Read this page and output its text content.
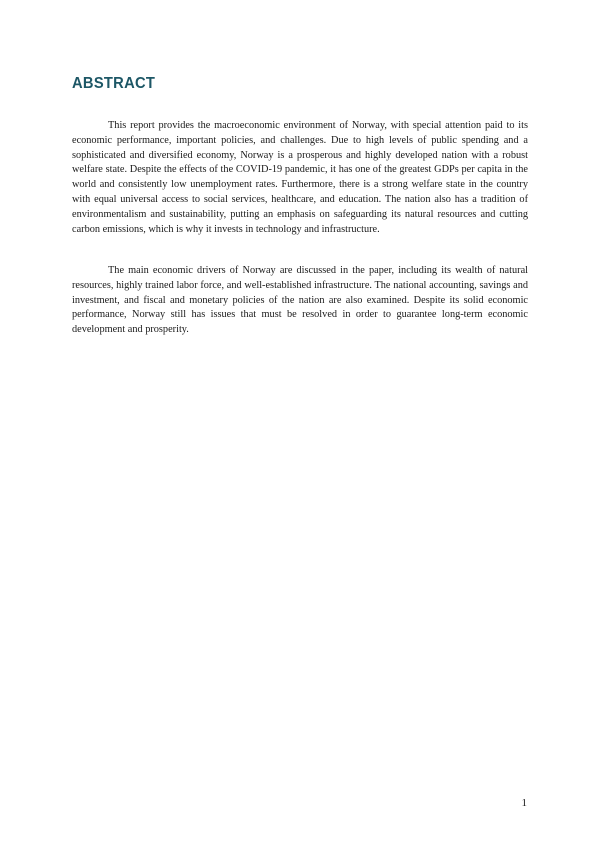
ABSTRACT

This report provides the macroeconomic environment of Norway, with special attention paid to its economic performance, important policies, and challenges. Due to high levels of public spending and a sophisticated and diversified economy, Norway is a prosperous and highly developed nation with a robust welfare state. Despite the effects of the COVID-19 pandemic, it has one of the greatest GDPs per capita in the world and consistently low unemployment rates. Furthermore, there is a strong welfare state in the country with equal universal access to social services, healthcare, and education. The nation also has a tradition of environmentalism and sustainability, putting an emphasis on safeguarding its natural resources and cutting carbon emissions, which is why it invests in technology and infrastructure.

The main economic drivers of Norway are discussed in the paper, including its wealth of natural resources, highly trained labor force, and well-established infrastructure. The national accounting, savings and investment, and fiscal and monetary policies of the nation are also examined. Despite its solid economic performance, Norway still has issues that must be resolved in order to guarantee long-term economic development and prosperity.

1
